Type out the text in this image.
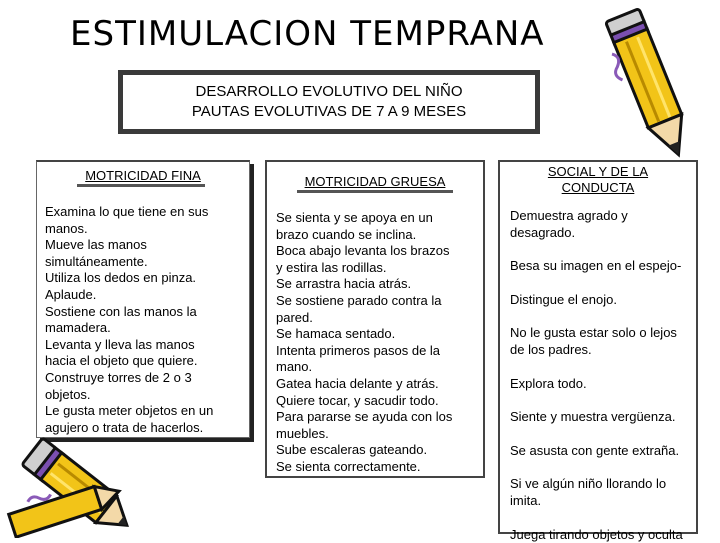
ESTIMULACION TEMPRANA
DESARROLLO EVOLUTIVO DEL NIÑO
PAUTAS EVOLUTIVAS DE 7 A 9 MESES
MOTRICIDAD FINA
Examina lo que tiene en sus
manos.
Mueve las manos
simultáneamente.
Utiliza los dedos en pinza.
Aplaude.
Sostiene con las manos la
mamadera.
Levanta y lleva las manos
hacia el objeto que quiere.
Construye torres de 2 o 3
objetos.
Le gusta meter objetos en un
agujero o trata de hacerlos.
MOTRICIDAD GRUESA
Se sienta y se apoya en un
brazo cuando se inclina.
Boca abajo levanta los brazos
y estira las rodillas.
Se arrastra hacia atrás.
Se sostiene parado contra la
pared.
Se hamaca sentado.
Intenta primeros pasos de la
mano.
Gatea hacia delante y atrás.
Quiere tocar, y sacudir todo.
Para pararse se ayuda con los
muebles.
Sube escaleras gateando.
Se sienta correctamente.
SOCIAL Y DE LA
CONDUCTA
Demuestra agrado y desagrado.
Besa su imagen en el espejo-
Distingue el enojo.
No le gusta estar solo o lejos de los padres.
Explora todo.
Siente y muestra vergüenza.
Se asusta con gente extraña.
Si ve algún niño llorando lo imita.
Juega tirando objetos y oculta
